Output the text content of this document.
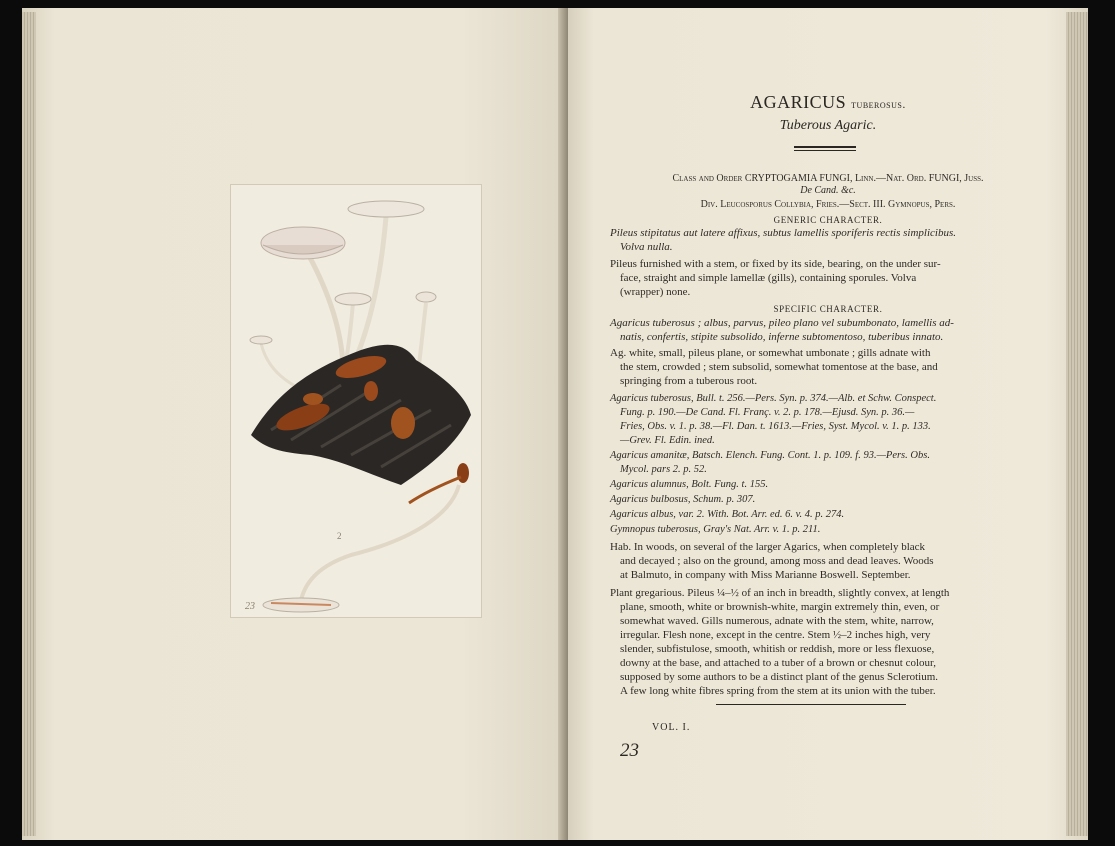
2
23
AGARICUS tuberosus.
Tuberous Agaric.
Class and Order CRYPTOGAMIA FUNGI, Linn.—Nat. Ord. FUNGI, Juss.
De Cand. &c.
Div. Leucosporus Collybia, Fries.—Sect. III. Gymnopus, Pers.
GENERIC CHARACTER.
Pileus stipitatus aut latere affixus, subtus lamellis sporiferis rectis simplicibus.
Volva nulla.
Pileus furnished with a stem, or fixed by its side, bearing, on the under sur-
face, straight and simple lamellæ (gills), containing sporules. Volva
(wrapper) none.
SPECIFIC CHARACTER.
Agaricus tuberosus ; albus, parvus, pileo plano vel subumbonato, lamellis ad-
natis, confertis, stipite subsolido, inferne subtomentoso, tuberibus innato.
Ag. white, small, pileus plane, or somewhat umbonate ; gills adnate with
the stem, crowded ; stem subsolid, somewhat tomentose at the base, and
springing from a tuberous root.
Agaricus tuberosus, Bull. t. 256.—Pers. Syn. p. 374.—Alb. et Schw. Conspect.
Fung. p. 190.—De Cand. Fl. Franç. v. 2. p. 178.—Ejusd. Syn. p. 36.—
Fries, Obs. v. 1. p. 38.—Fl. Dan. t. 1613.—Fries, Syst. Mycol. v. 1. p. 133.
—Grev. Fl. Edin. ined.
Agaricus amanitæ, Batsch. Elench. Fung. Cont. 1. p. 109. f. 93.—Pers. Obs.
Mycol. pars 2. p. 52.
Agaricus alumnus, Bolt. Fung. t. 155.
Agaricus bulbosus, Schum. p. 307.
Agaricus albus, var. 2. With. Bot. Arr. ed. 6. v. 4. p. 274.
Gymnopus tuberosus, Gray's Nat. Arr. v. 1. p. 211.
Hab. In woods, on several of the larger Agarics, when completely black
and decayed ; also on the ground, among moss and dead leaves. Woods
at Balmuto, in company with Miss Marianne Boswell. September.
Plant gregarious. Pileus ¼–½ of an inch in breadth, slightly convex, at length
plane, smooth, white or brownish-white, margin extremely thin, even, or
somewhat waved. Gills numerous, adnate with the stem, white, narrow,
irregular. Flesh none, except in the centre. Stem ½–2 inches high, very
slender, subfistulose, smooth, whitish or reddish, more or less flexuose,
downy at the base, and attached to a tuber of a brown or chesnut colour,
supposed by some authors to be a distinct plant of the genus Sclerotium.
A few long white fibres spring from the stem at its union with the tuber.
VOL. I.
23
